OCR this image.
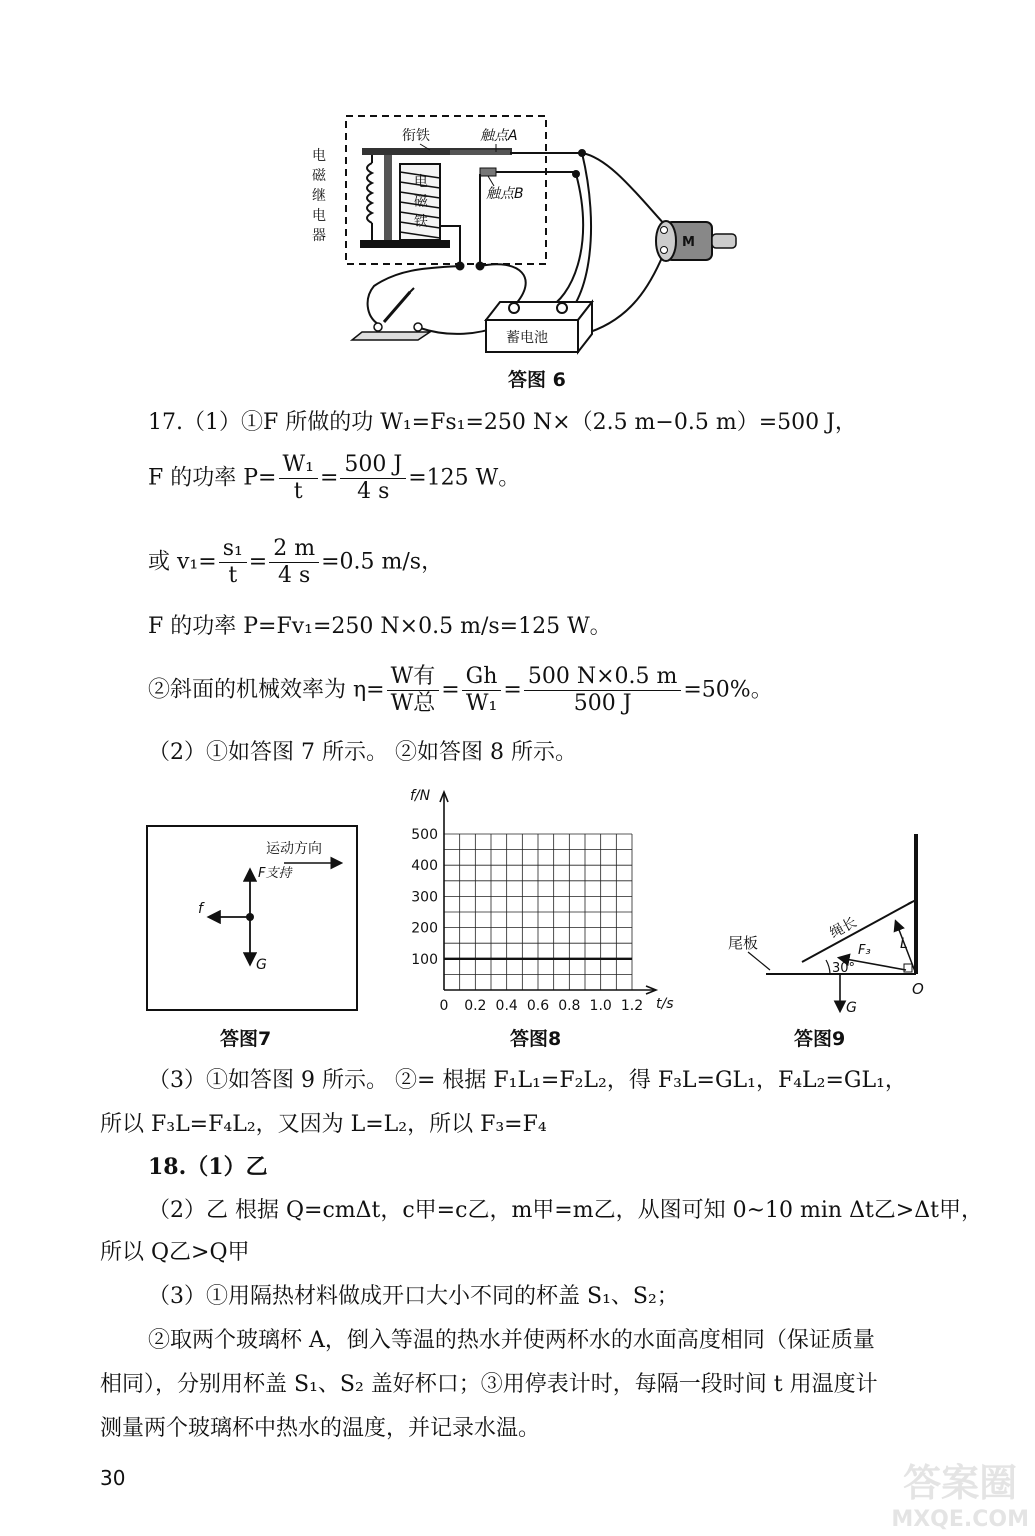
电磁继电器
电磁铁
衔铁	触点A
触点B
蓄电池
M
答图 6
17.（1）①F 所做的功 W₁=Fs₁=250 N×（2.5 m−0.5 m）=500 J，
F 的功率 $P= \frac{\text{W₁}}{t} = \frac{500 J}{4 s} =125$ W。
或 $v_1= \frac{\text{s₁}}{t} = \frac{2 m}{4 s} =0.5$ m/s，
F 的功率 P=Fv₁=250 N×0.5 m/s=125 W。
②斜面的机械效率为 $\eta= \frac{\text{W有}}{\text{W总}} = \frac{Gh}{\text{W₁}} = \frac{500 N\times 0.5 m}{500 J} =50\%$。
（2）①如答图 7 所示。 ②如答图 8 所示。
运动方向
F支持
f
G
答图7
f/N
t/s
100
200
300
400
500
0 0.2 0.4 0.6 0.8 1.0 1.2
答图8
尾板
绳长
F₃
30°
L
G
O
答图9
（3）①如答图 9 所示。 ②= 根据 F₁L₁=F₂L₂，得 F₃L=GL₁，F₄L₂=GL₁，
所以 F₃L=F₄L₂，又因为 L=L₂，所以 F₃=F₄
18.（1）乙
（2）乙 根据 Q=cmΔt，c甲=c乙，m甲=m乙，从图可知 0~10 min Δt乙>Δt甲，
所以 Q乙>Q甲
（3）①用隔热材料做成开口大小不同的杯盖 S₁、S₂；
②取两个玻璃杯 A，倒入等温的热水并使两杯水的水面高度相同（保证质量
相同），分别用杯盖 S₁、S₂ 盖好杯口；③用停表计时，每隔一段时间 t 用温度计
测量两个玻璃杯中热水的温度，并记录水温。
30	答案圈
MXQE.COM
